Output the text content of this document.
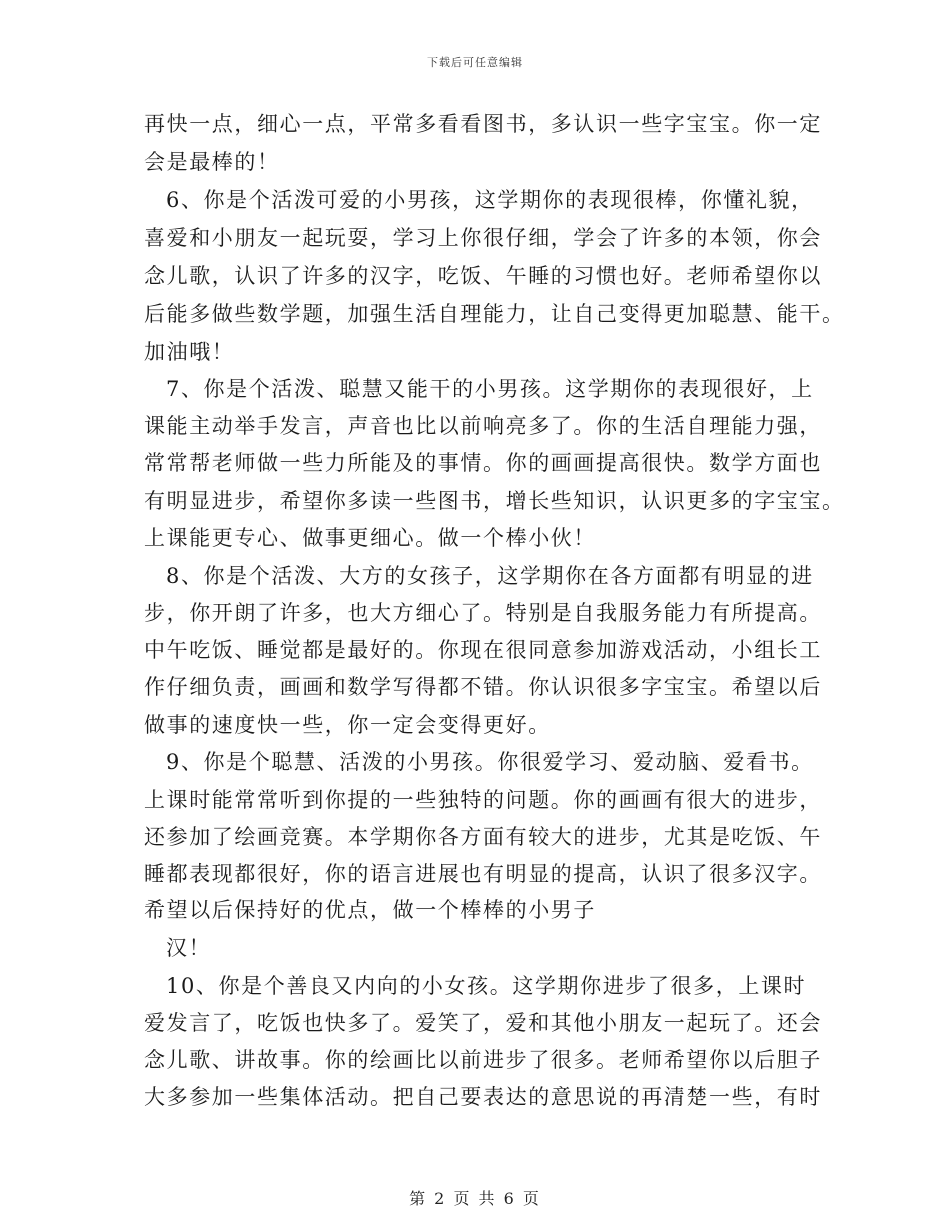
下载后可任意编辑
再快一点，细心一点，平常多看看图书，多认识一些字宝宝。你一定
会是最棒的！
6、你是个活泼可爱的小男孩，这学期你的表现很棒，你懂礼貌，
喜爱和小朋友一起玩耍，学习上你很仔细，学会了许多的本领，你会
念儿歌，认识了许多的汉字，吃饭、午睡的习惯也好。老师希望你以
后能多做些数学题，加强生活自理能力，让自己变得更加聪慧、能干。
加油哦！
7、你是个活泼、聪慧又能干的小男孩。这学期你的表现很好，上
课能主动举手发言，声音也比以前响亮多了。你的生活自理能力强，
常常帮老师做一些力所能及的事情。你的画画提高很快。数学方面也
有明显进步，希望你多读一些图书，增长些知识，认识更多的字宝宝。
上课能更专心、做事更细心。做一个棒小伙！
8、你是个活泼、大方的女孩子，这学期你在各方面都有明显的进
步，你开朗了许多，也大方细心了。特别是自我服务能力有所提高。
中午吃饭、睡觉都是最好的。你现在很同意参加游戏活动，小组长工
作仔细负责，画画和数学写得都不错。你认识很多字宝宝。希望以后
做事的速度快一些，你一定会变得更好。
9、你是个聪慧、活泼的小男孩。你很爱学习、爱动脑、爱看书。
上课时能常常听到你提的一些独特的问题。你的画画有很大的进步，
还参加了绘画竞赛。本学期你各方面有较大的进步，尤其是吃饭、午
睡都表现都很好，你的语言进展也有明显的提高，认识了很多汉字。
希望以后保持好的优点，做一个棒棒的小男子
汉！
10、你是个善良又内向的小女孩。这学期你进步了很多，上课时
爱发言了，吃饭也快多了。爱笑了，爱和其他小朋友一起玩了。还会
念儿歌、讲故事。你的绘画比以前进步了很多。老师希望你以后胆子
大多参加一些集体活动。把自己要表达的意思说的再清楚一些，有时
第 2 页 共 6 页
